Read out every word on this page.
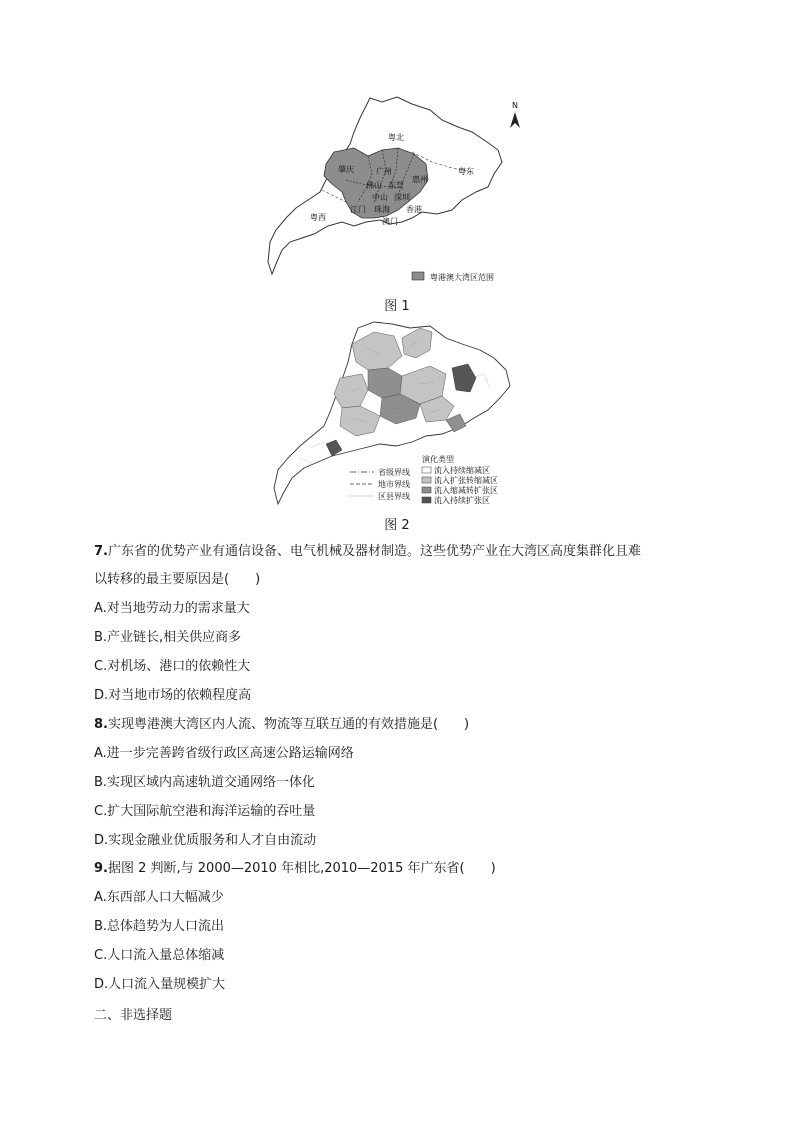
N
粤北
粤东
粤西
肇庆	广州
佛山 东莞
惠州
中山 深圳
江门 珠海 香港
澳门
粤港澳大湾区范围
图 1
省级界线
地市界线
区县界线
演化类型
流入持续缩减区
流入扩张转缩减区
流入缩减转扩张区
流入持续扩张区
图 2
7.广东省的优势产业有通信设备、电气机械及器材制造。这些优势产业在大湾区高度集群化且难
以转移的最主要原因是(　　)
A.对当地劳动力的需求量大
B.产业链长,相关供应商多
C.对机场、港口的依赖性大
D.对当地市场的依赖程度高
8.实现粤港澳大湾区内人流、物流等互联互通的有效措施是(　　)
A.进一步完善跨省级行政区高速公路运输网络
B.实现区域内高速轨道交通网络一体化
C.扩大国际航空港和海洋运输的吞吐量
D.实现金融业优质服务和人才自由流动
9.据图 2 判断,与 2000—2010 年相比,2010—2015 年广东省(　　)
A.东西部人口大幅减少
B.总体趋势为人口流出
C.人口流入量总体缩减
D.人口流入量规模扩大
二、非选择题
